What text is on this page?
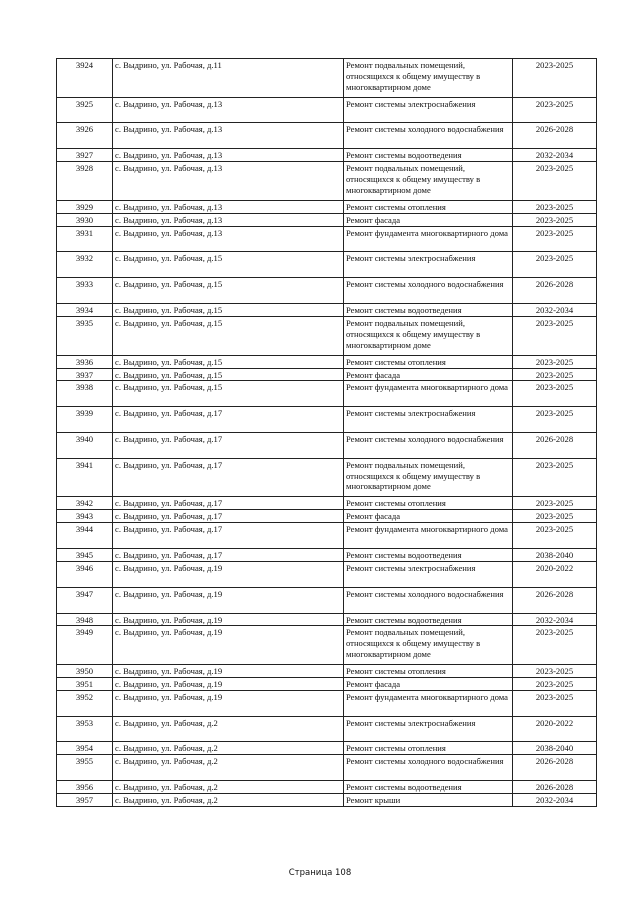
3924	с. Выдрино, ул. Рабочая, д.11	Ремонт подвальных помещений, относящихся к общему имуществу в многоквартирном доме	2023-2025
3925	с. Выдрино, ул. Рабочая, д.13	Ремонт системы электроснабжения	2023-2025
3926	с. Выдрино, ул. Рабочая, д.13	Ремонт системы холодного водоснабжения	2026-2028
3927	с. Выдрино, ул. Рабочая, д.13	Ремонт системы водоотведения	2032-2034
3928	с. Выдрино, ул. Рабочая, д.13	Ремонт подвальных помещений, относящихся к общему имуществу в многоквартирном доме	2023-2025
3929	с. Выдрино, ул. Рабочая, д.13	Ремонт системы отопления	2023-2025
3930	с. Выдрино, ул. Рабочая, д.13	Ремонт фасада	2023-2025
3931	с. Выдрино, ул. Рабочая, д.13	Ремонт фундамента многоквартирного дома	2023-2025
3932	с. Выдрино, ул. Рабочая, д.15	Ремонт системы электроснабжения	2023-2025
3933	с. Выдрино, ул. Рабочая, д.15	Ремонт системы холодного водоснабжения	2026-2028
3934	с. Выдрино, ул. Рабочая, д.15	Ремонт системы водоотведения	2032-2034
3935	с. Выдрино, ул. Рабочая, д.15	Ремонт подвальных помещений, относящихся к общему имуществу в многоквартирном доме	2023-2025
3936	с. Выдрино, ул. Рабочая, д.15	Ремонт системы отопления	2023-2025
3937	с. Выдрино, ул. Рабочая, д.15	Ремонт фасада	2023-2025
3938	с. Выдрино, ул. Рабочая, д.15	Ремонт фундамента многоквартирного дома	2023-2025
3939	с. Выдрино, ул. Рабочая, д.17	Ремонт системы электроснабжения	2023-2025
3940	с. Выдрино, ул. Рабочая, д.17	Ремонт системы холодного водоснабжения	2026-2028
3941	с. Выдрино, ул. Рабочая, д.17	Ремонт подвальных помещений, относящихся к общему имуществу в многоквартирном доме	2023-2025
3942	с. Выдрино, ул. Рабочая, д.17	Ремонт системы отопления	2023-2025
3943	с. Выдрино, ул. Рабочая, д.17	Ремонт фасада	2023-2025
3944	с. Выдрино, ул. Рабочая, д.17	Ремонт фундамента многоквартирного дома	2023-2025
3945	с. Выдрино, ул. Рабочая, д.17	Ремонт системы водоотведения	2038-2040
3946	с. Выдрино, ул. Рабочая, д.19	Ремонт системы электроснабжения	2020-2022
3947	с. Выдрино, ул. Рабочая, д.19	Ремонт системы холодного водоснабжения	2026-2028
3948	с. Выдрино, ул. Рабочая, д.19	Ремонт системы водоотведения	2032-2034
3949	с. Выдрино, ул. Рабочая, д.19	Ремонт подвальных помещений, относящихся к общему имуществу в многоквартирном доме	2023-2025
3950	с. Выдрино, ул. Рабочая, д.19	Ремонт системы отопления	2023-2025
3951	с. Выдрино, ул. Рабочая, д.19	Ремонт фасада	2023-2025
3952	с. Выдрино, ул. Рабочая, д.19	Ремонт фундамента многоквартирного дома	2023-2025
3953	с. Выдрино, ул. Рабочая, д.2	Ремонт системы электроснабжения	2020-2022
3954	с. Выдрино, ул. Рабочая, д.2	Ремонт системы отопления	2038-2040
3955	с. Выдрино, ул. Рабочая, д.2	Ремонт системы холодного водоснабжения	2026-2028
3956	с. Выдрино, ул. Рабочая, д.2	Ремонт системы водоотведения	2026-2028
3957	с. Выдрино, ул. Рабочая, д.2	Ремонт крыши	2032-2034
Страница 108
